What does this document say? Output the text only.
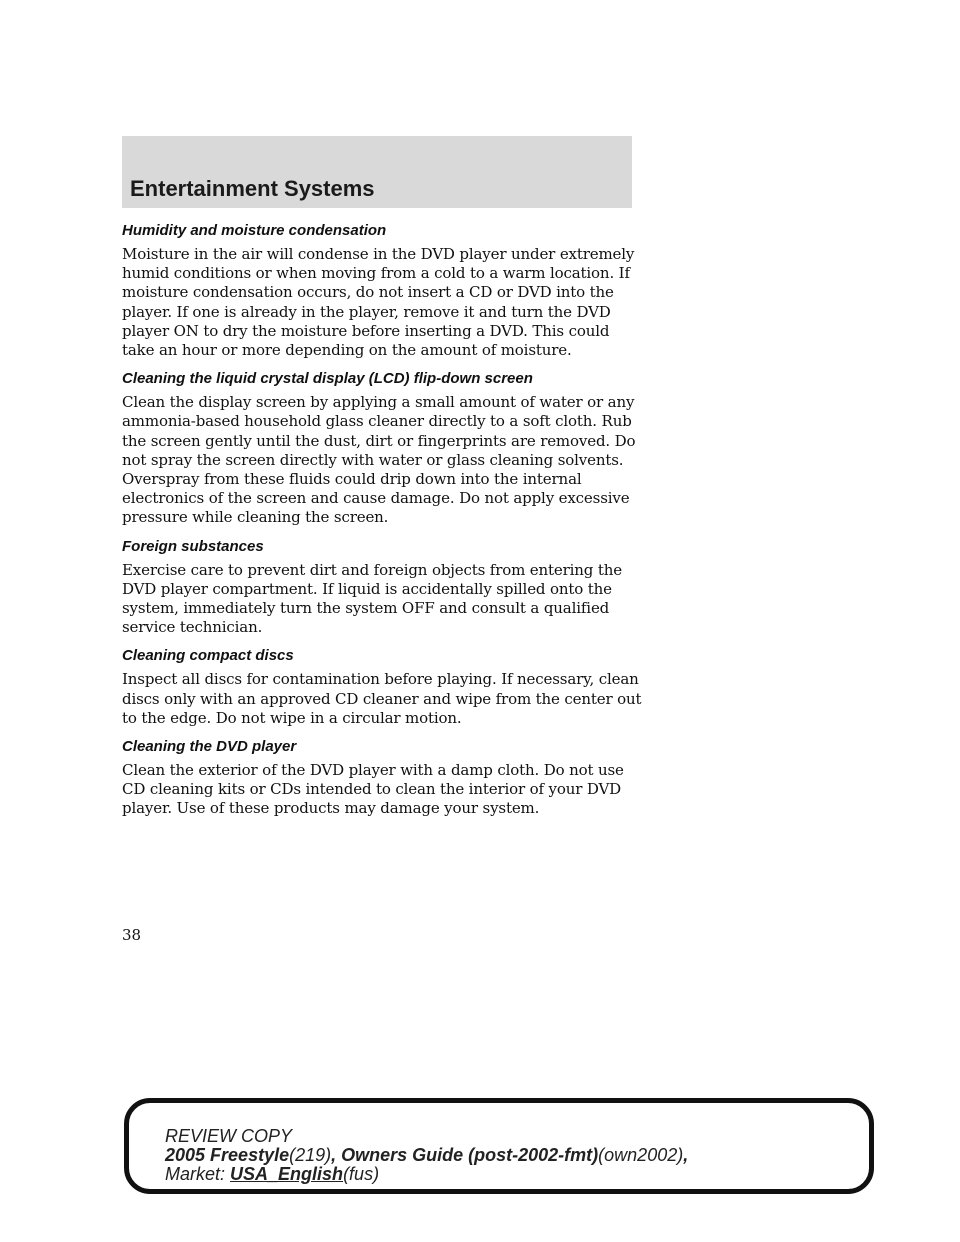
Entertainment Systems
Humidity and moisture condensation

Moisture in the air will condense in the DVD player under extremely humid conditions or when moving from a cold to a warm location. If moisture condensation occurs, do not insert a CD or DVD into the player. If one is already in the player, remove it and turn the DVD player ON to dry the moisture before inserting a DVD. This could take an hour or more depending on the amount of moisture.

Cleaning the liquid crystal display (LCD) flip-down screen

Clean the display screen by applying a small amount of water or any ammonia-based household glass cleaner directly to a soft cloth. Rub the screen gently until the dust, dirt or fingerprints are removed. Do not spray the screen directly with water or glass cleaning solvents. Overspray from these fluids could drip down into the internal electronics of the screen and cause damage. Do not apply excessive pressure while cleaning the screen.

Foreign substances

Exercise care to prevent dirt and foreign objects from entering the DVD player compartment. If liquid is accidentally spilled onto the system, immediately turn the system OFF and consult a qualified service technician.

Cleaning compact discs

Inspect all discs for contamination before playing. If necessary, clean discs only with an approved CD cleaner and wipe from the center out to the edge. Do not wipe in a circular motion.

Cleaning the DVD player

Clean the exterior of the DVD player with a damp cloth. Do not use CD cleaning kits or CDs intended to clean the interior of your DVD player. Use of these products may damage your system.

38

REVIEW COPY
2005 Freestyle(219), Owners Guide (post-2002-fmt)(own2002),
Market: USA_English(fus)
